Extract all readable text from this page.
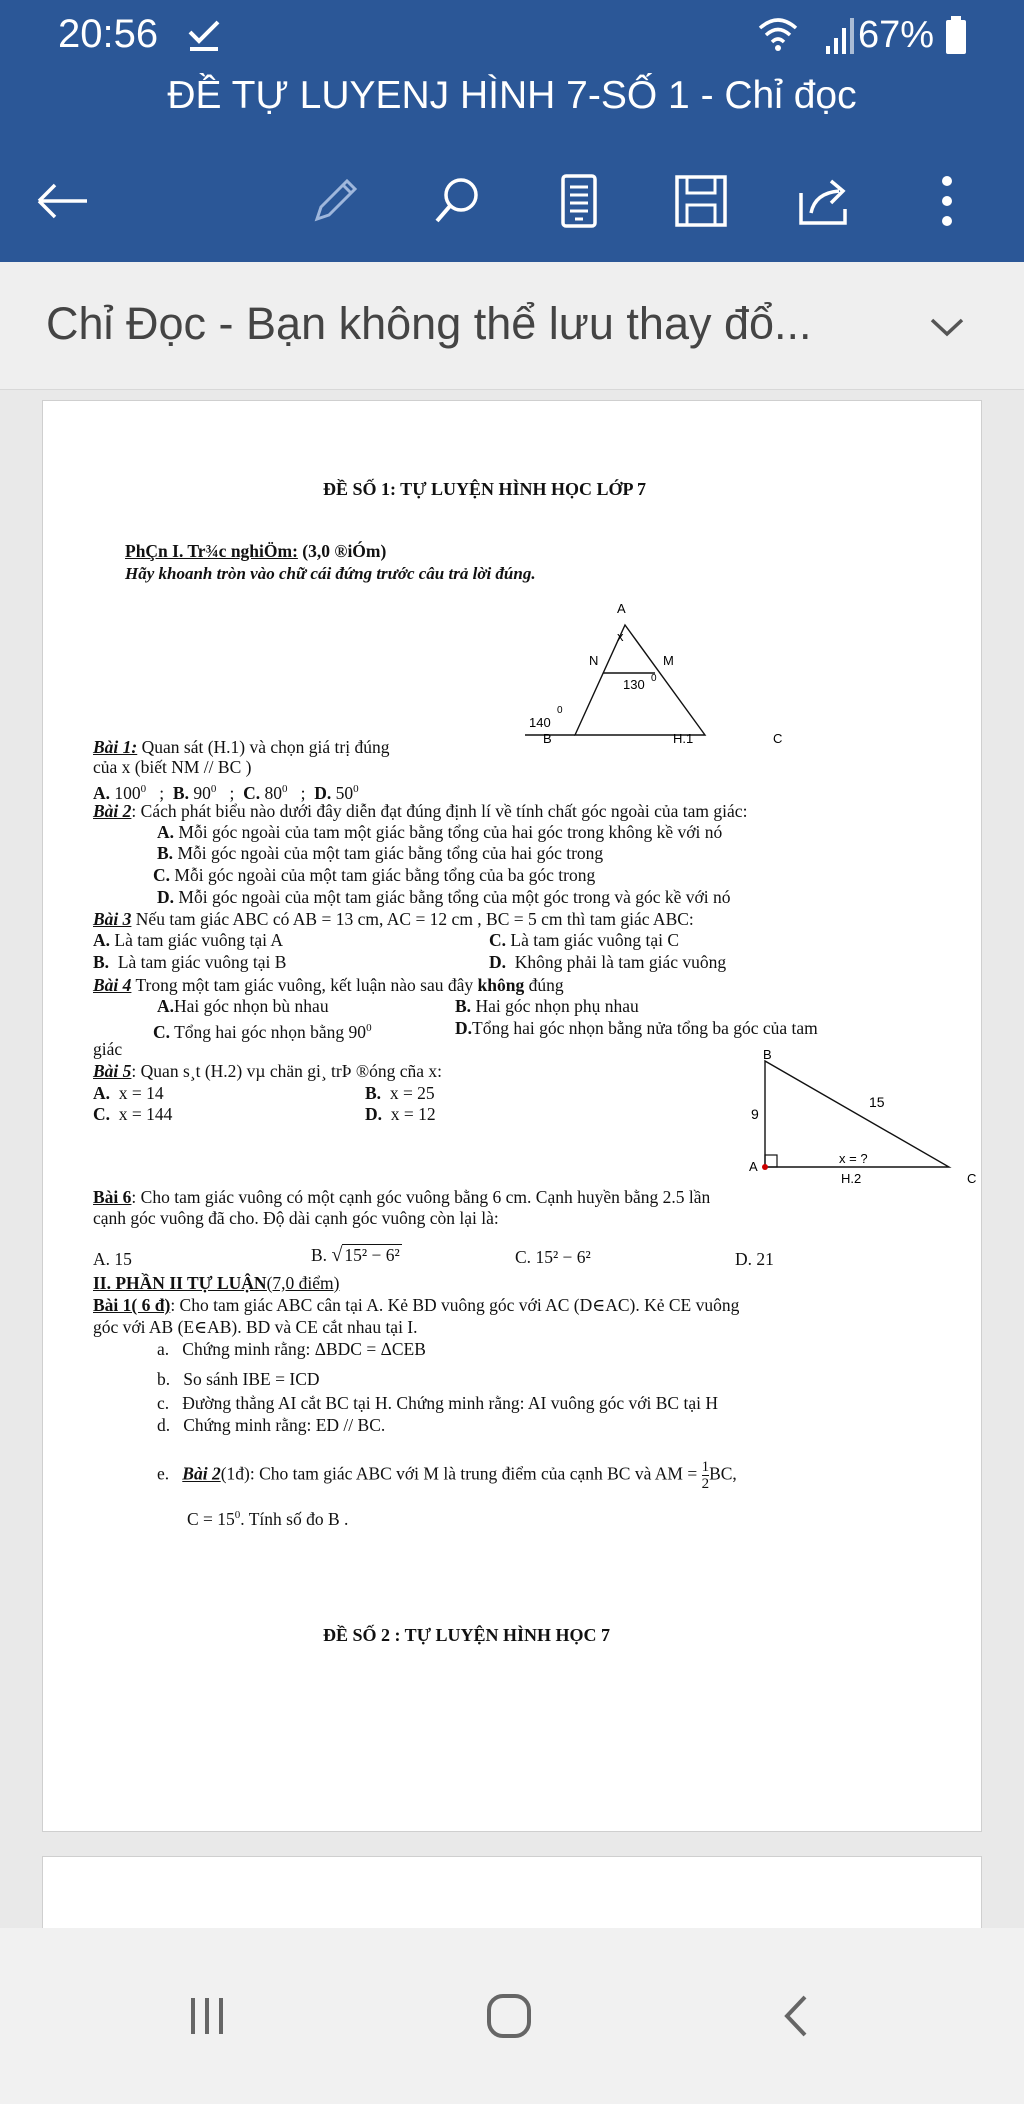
20:56	67%
ĐỀ TỰ LUYENJ HÌNH 7-SỐ 1 - Chỉ đọc
Chỉ Đọc - Bạn không thể lưu thay đổ...
ĐỀ SỐ 1: TỰ LUYỆN HÌNH HỌC LỚP 7
PhÇn I. Tr¾c nghiÖm: (3,0 ®iÓm)
Hãy khoanh tròn vào chữ cái đứng trước câu trả lời đúng.
A
x
N	M
130 0
140
0
B	H.1	C
Bài 1: Quan sát (H.1) và chọn giá trị đúng
của x (biết NM // BC )
A. $100^0$ ; B. $90^0$ ; C. $80^0$ ; D. $50^0$
Bài 2: Cách phát biểu nào dưới đây diễn đạt đúng định lí về tính chất góc ngoài của tam giác:
A. Mỗi góc ngoài của tam một giác bằng tổng của hai góc trong không kề với nó
B. Mỗi góc ngoài của một tam giác bằng tổng của hai góc trong
C. Mỗi góc ngoài của một tam giác bằng tổng của ba góc trong
D. Mỗi góc ngoài của một tam giác bằng tổng của một góc trong và góc kề với nó
Bài 3 Nếu tam giác ABC có AB = 13 cm, AC = 12 cm , BC = 5 cm thì tam giác ABC:
A. Là tam giác vuông tại A	C. Là tam giác vuông tại C
B. Là tam giác vuông tại B	D. Không phải là tam giác vuông
Bài 4 Trong một tam giác vuông, kết luận nào sau đây không đúng
A.Hai góc nhọn bù nhau	B. Hai góc nhọn phụ nhau
C. Tổng hai góc nhọn bằng $90^0$	D.Tổng hai góc nhọn bằng nửa tổng ba góc của tam
giác
Bài 5: Quan s¸t (H.2) vµ chän gi¸ trÞ ®óng cña x:
A. x = 14	B. x = 25
C. x = 144	D. x = 12
B
9
15
A
x = ?
H.2	C
Bài 6: Cho tam giác vuông có một cạnh góc vuông bằng 6 cm. Cạnh huyền bằng 2.5 lần
cạnh góc vuông đã cho. Độ dài cạnh góc vuông còn lại là:
A. 15	B. √ 15² − 6²	C. 15² − 6²	D. 21
II. PHẦN II TỰ LUẬN(7,0 điểm)
Bài 1( 6 đ): Cho tam giác ABC cân tại A. Kẻ BD vuông góc với AC (D∈AC). Kẻ CE vuông
góc với AB (E∈AB). BD và CE cắt nhau tại I.
a. Chứng minh rằng: ΔBDC = ΔCEB
b. So sánh IBE = ICD
c. Đường thẳng AI cắt BC tại H. Chứng minh rằng: AI vuông góc với BC tại H
d. Chứng minh rằng: ED // BC.
e. Bài 2(1đ): Cho tam giác ABC với M là trung điểm của cạnh BC và AM = $\frac{1}{2}$ BC,
$C = 15^0$. Tính số đo B .
ĐỀ SỐ 2 : TỰ LUYỆN HÌNH HỌC 7
